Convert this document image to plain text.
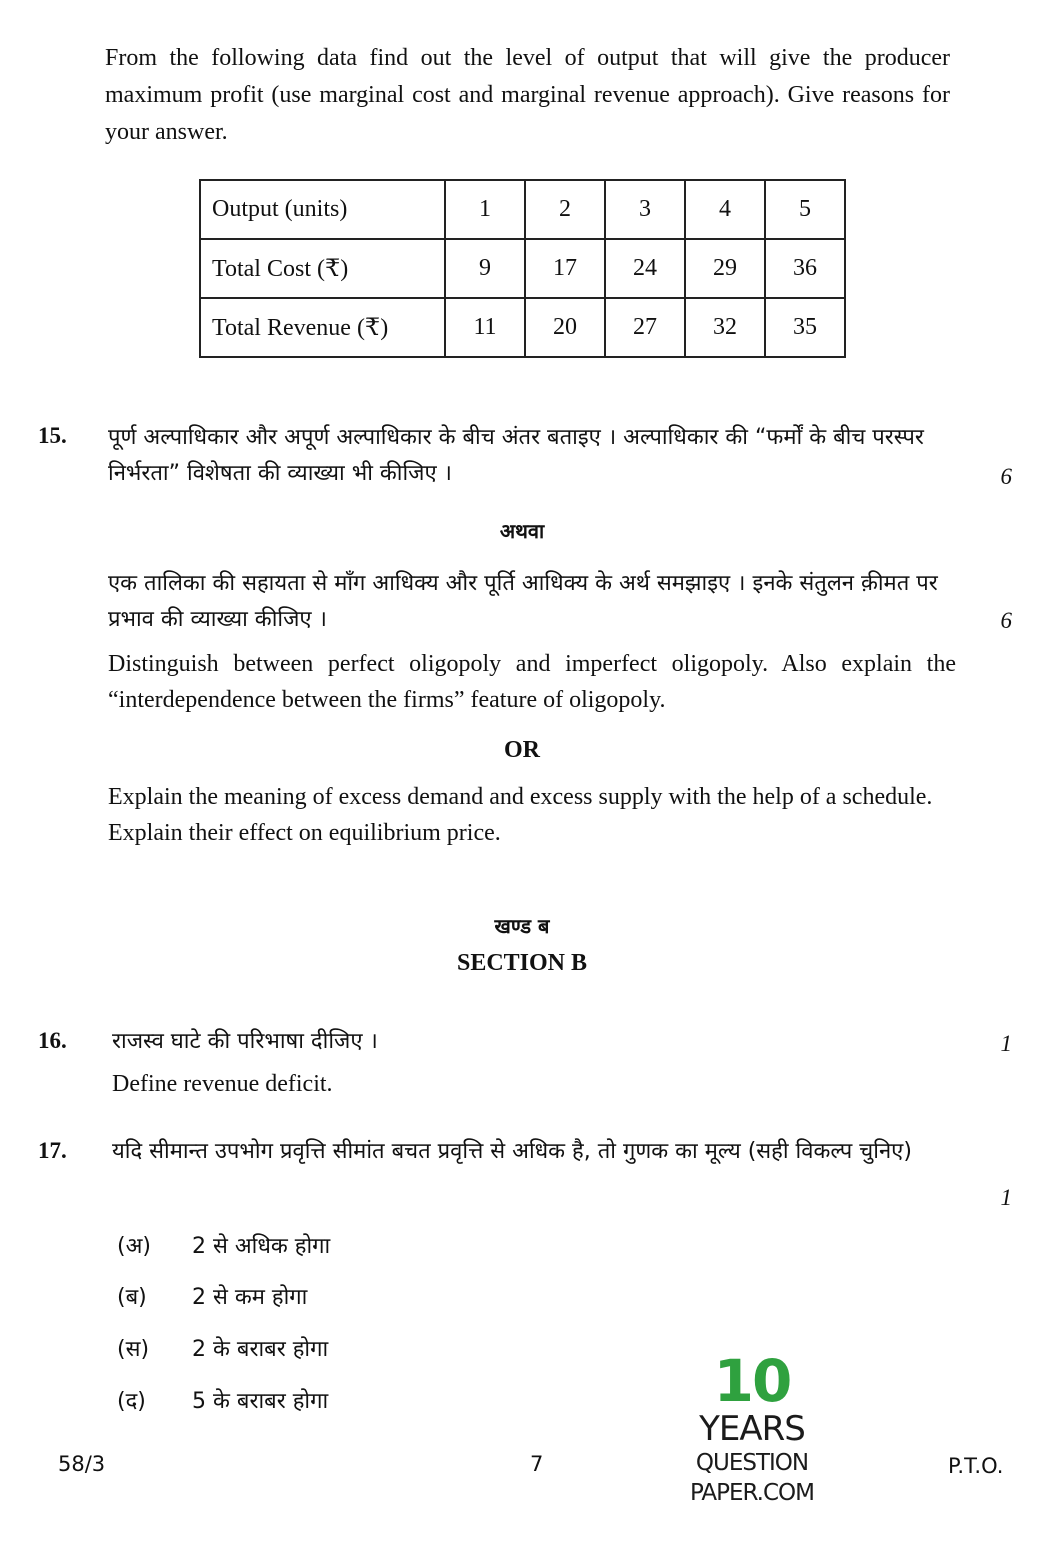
From the following data find out the level of output that will give the producer maximum profit (use marginal cost and marginal revenue approach). Give reasons for your answer.
Output (units)	1	2	3	4	5
Total Cost (₹)	9	17	24	29	36
Total Revenue (₹)	11	20	27	32	35
15. पूर्ण अल्पाधिकार और अपूर्ण अल्पाधिकार के बीच अंतर बताइए । अल्पाधिकार की “फर्मों के बीच परस्पर निर्भरता” विशेषता की व्याख्या भी कीजिए ।	6
अथवा
एक तालिका की सहायता से माँग आधिक्य और पूर्ति आधिक्य के अर्थ समझाइए । इनके संतुलन क़ीमत पर प्रभाव की व्याख्या कीजिए ।	6
Distinguish between perfect oligopoly and imperfect oligopoly. Also explain the “interdependence between the firms” feature of oligopoly.
OR
Explain the meaning of excess demand and excess supply with the help of a schedule. Explain their effect on equilibrium price.
खण्ड ब
SECTION B
16. राजस्व घाटे की परिभाषा दीजिए ।	1
Define revenue deficit.
17. यदि सीमान्त उपभोग प्रवृत्ति सीमांत बचत प्रवृत्ति से अधिक है, तो गुणक का मूल्य (सही विकल्प चुनिए)
1
(अ) 2 से अधिक होगा
(ब) 2 से कम होगा
(स) 2 के बराबर होगा
(द) 5 के बराबर होगा	10
YEARS
QUESTION PAPER.COM
58/3	7	P.T.O.
